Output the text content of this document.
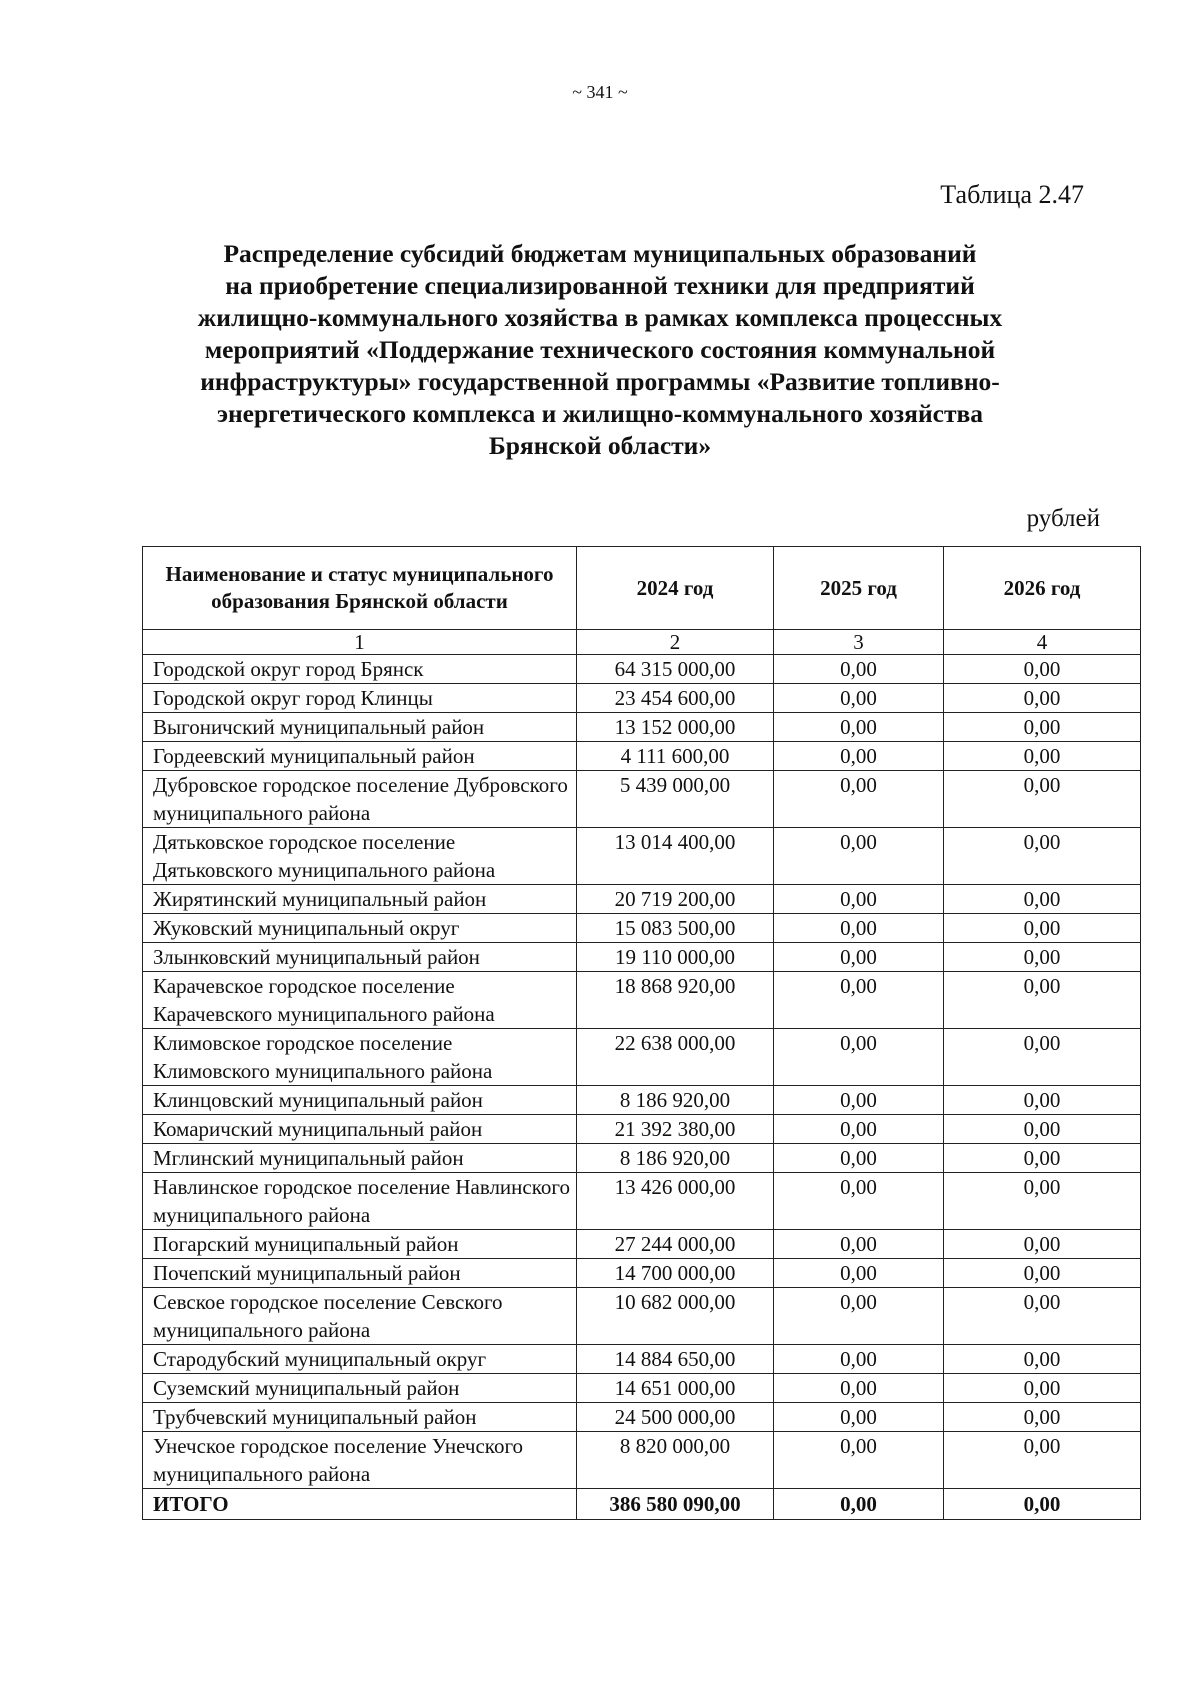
~ 341 ~
Таблица 2.47
Распределение субсидий бюджетам муниципальных образований
на приобретение специализированной техники для предприятий
жилищно-коммунального хозяйства в рамках комплекса процессных
мероприятий «Поддержание технического состояния коммунальной
инфраструктуры» государственной программы «Развитие топливно-
энергетического комплекса и жилищно-коммунального хозяйства
Брянской области»
рублей
Наименование и статус муниципального образования Брянской области	2024 год	2025 год	2026 год
1	2	3	4
Городской округ город Брянск	64 315 000,00	0,00	0,00
Городской округ город Клинцы	23 454 600,00	0,00	0,00
Выгоничский муниципальный район	13 152 000,00	0,00	0,00
Гордеевский муниципальный район	4 111 600,00	0,00	0,00
Дубровское городское поселение Дубровского муниципального района	5 439 000,00	0,00	0,00
Дятьковское городское поселение Дятьковского муниципального района	13 014 400,00	0,00	0,00
Жирятинский муниципальный район	20 719 200,00	0,00	0,00
Жуковский муниципальный округ	15 083 500,00	0,00	0,00
Злынковский муниципальный район	19 110 000,00	0,00	0,00
Карачевское городское поселение Карачевского муниципального района	18 868 920,00	0,00	0,00
Климовское городское поселение Климовского муниципального района	22 638 000,00	0,00	0,00
Клинцовский муниципальный район	8 186 920,00	0,00	0,00
Комаричский муниципальный район	21 392 380,00	0,00	0,00
Мглинский муниципальный район	8 186 920,00	0,00	0,00
Навлинское городское поселение Навлинского муниципального района	13 426 000,00	0,00	0,00
Погарский муниципальный район	27 244 000,00	0,00	0,00
Почепский муниципальный район	14 700 000,00	0,00	0,00
Севское городское поселение Севского муниципального района	10 682 000,00	0,00	0,00
Стародубский муниципальный округ	14 884 650,00	0,00	0,00
Суземский муниципальный район	14 651 000,00	0,00	0,00
Трубчевский муниципальный район	24 500 000,00	0,00	0,00
Унечское городское поселение Унечского муниципального района	8 820 000,00	0,00	0,00
ИТОГО	386 580 090,00	0,00	0,00
